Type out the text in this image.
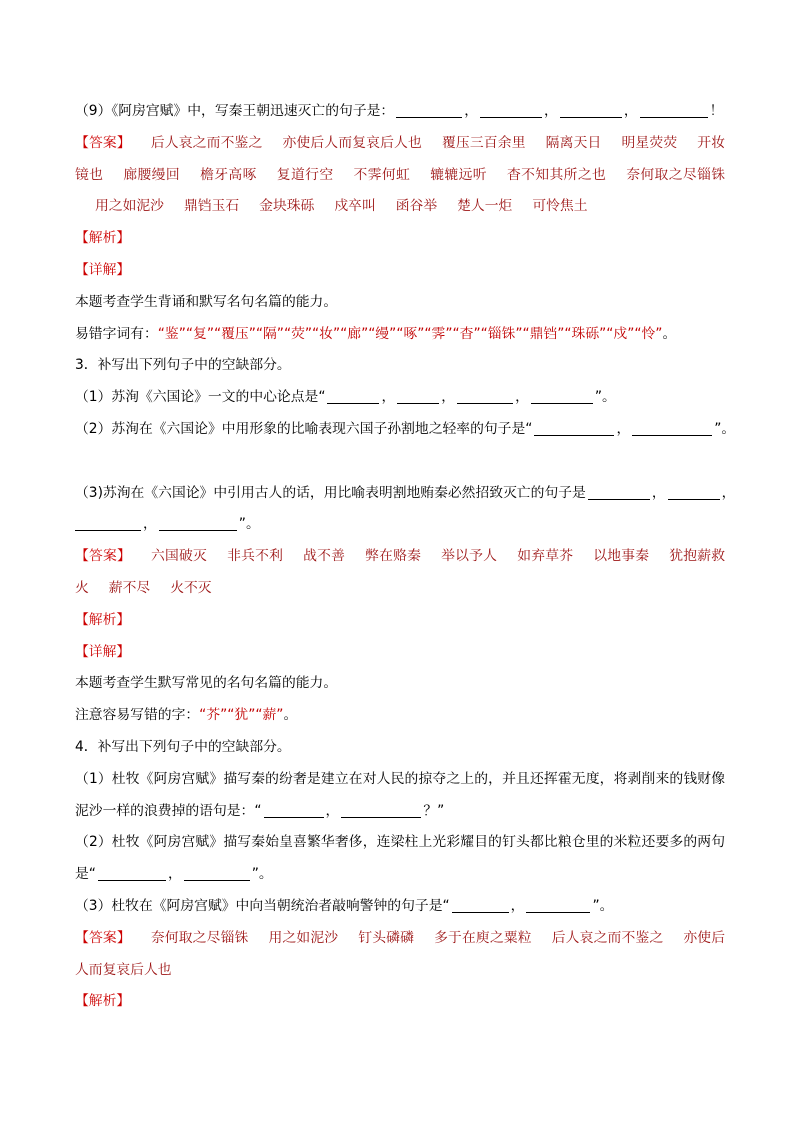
（9）《阿房宫赋》中，写秦王朝迅速灭亡的句子是：	，	，	，	！

【答案】 后人哀之而不鉴之 亦使后人而复哀后人也 覆压三百余里 隔离天日 明星荧荧 开妆镜也 廊腰缦回 檐牙高啄 复道行空 不霁何虹 辘辘远听 杳不知其所之也 奈何取之尽锱铢用之如泥沙 鼎铛玉石 金块珠砾 戍卒叫 函谷举 楚人一炬 可怜焦土

【解析】

【详解】

本题考查学生背诵和默写名句名篇的能力。

易错字词有：“鉴”“复”“覆压”“隔”“荧”“妆”“廊”“缦”“啄”“霁”“杳”“锱铢”“鼎铛”“珠砾”“戍”“怜”。

3．补写出下列句子中的空缺部分。

（1）苏洵《六国论》一文的中心论点是“	，	，	，	”。

（2）苏洵在《六国论》中用形象的比喻表现六国子孙割地之轻率的句子是“	，	”。

（3)苏洵在《六国论》中引用古人的话，用比喻表明割地贿秦必然招致灭亡的句子是	，	，
，	”。

【答案】 六国破灭 非兵不利 战不善 弊在赂秦 举以予人 如弃草芥 以地事秦 犹抱薪救火 薪不尽 火不灭

【解析】

【详解】

本题考查学生默写常见的名句名篇的能力。

注意容易写错的字：“芥”“犹”“薪”。

4．补写出下列句子中的空缺部分。

（1）杜牧《阿房宫赋》描写秦的纷奢是建立在对人民的掠夺之上的，并且还挥霍无度，将剥削来的钱财像泥沙一样的浪费掉的语句是：“	，	？”

（2）杜牧《阿房宫赋》描写秦始皇喜繁华奢侈，连梁柱上光彩耀目的钉头都比粮仓里的米粒还要多的两句是“	，	”。

（3）杜牧在《阿房宫赋》中向当朝统治者敲响警钟的句子是“	，	”。

【答案】 奈何取之尽锱铢 用之如泥沙 钉头磷磷 多于在庾之粟粒 后人哀之而不鉴之 亦使后人而复哀后人也

【解析】
